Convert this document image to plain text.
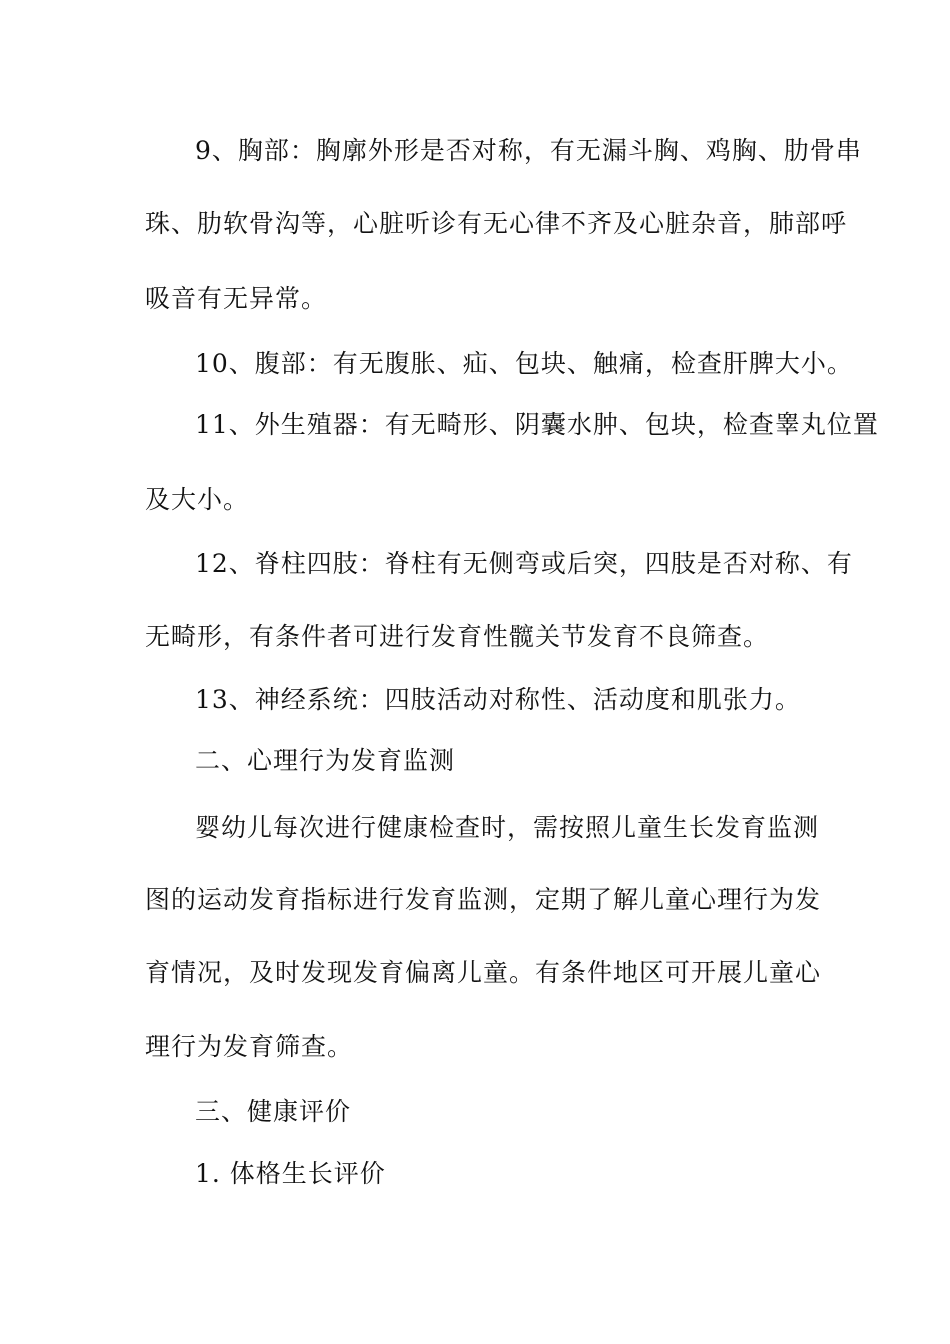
9、胸部：胸廓外形是否对称，有无漏斗胸、鸡胸、肋骨串
珠、肋软骨沟等，心脏听诊有无心律不齐及心脏杂音，肺部呼
吸音有无异常。
10、腹部：有无腹胀、疝、包块、触痛，检查肝脾大小。
11、外生殖器：有无畸形、阴囊水肿、包块，检查睾丸位置
及大小。
12、脊柱四肢：脊柱有无侧弯或后突，四肢是否对称、有
无畸形，有条件者可进行发育性髋关节发育不良筛查。
13、神经系统：四肢活动对称性、活动度和肌张力。
二、心理行为发育监测
婴幼儿每次进行健康检查时，需按照儿童生长发育监测
图的运动发育指标进行发育监测，定期了解儿童心理行为发
育情况，及时发现发育偏离儿童。有条件地区可开展儿童心
理行为发育筛查。
三、健康评价
1. 体格生长评价
